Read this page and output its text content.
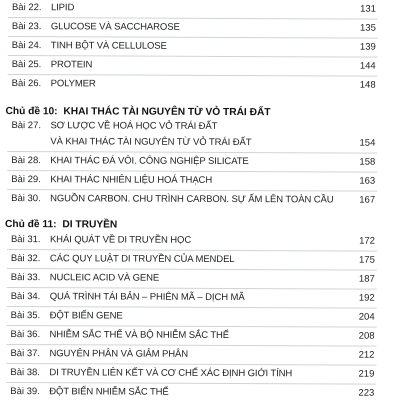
Bài 22. LIPID	131
Bài 23. GLUCOSE VÀ SACCHAROSE	135
Bài 24. TINH BỘT VÀ CELLULOSE	139
Bài 25. PROTEIN	144
Bài 26. POLYMER	148
Chủ đề 10: KHAI THÁC TÀI NGUYÊN TỪ VỎ TRÁI ĐẤT
Bài 27. SƠ LƯỢC VỀ HOÁ HỌC VỎ TRÁI ĐẤT
VÀ KHAI THÁC TÀI NGUYÊN TỪ VỎ TRÁI ĐẤT	154
Bài 28. KHAI THÁC ĐÁ VÔI. CÔNG NGHIỆP SILICATE	158
Bài 29. KHAI THÁC NHIÊN LIỆU HOÁ THẠCH	163
Bài 30. NGUỒN CARBON. CHU TRÌNH CARBON. SỰ ẤM LÊN TOÀN CẦU	167
Chủ đề 11: DI TRUYỀN
Bài 31. KHÁI QUÁT VỀ DI TRUYỀN HỌC	172
Bài 32. CÁC QUY LUẬT DI TRUYỀN CỦA MENDEL	175
Bài 33. NUCLEIC ACID VÀ GENE	187
Bài 34. QUÁ TRÌNH TÁI BẢN – PHIÊN MÃ – DỊCH MÃ	192
Bài 35. ĐỘT BIẾN GENE	204
Bài 36. NHIỄM SẮC THỂ VÀ BỘ NHIỄM SẮC THỂ	208
Bài 37. NGUYÊN PHÂN VÀ GIẢM PHÂN	212
Bài 38. DI TRUYỀN LIÊN KẾT VÀ CƠ CHẾ XÁC ĐỊNH GIỚI TÍNH	219
Bài 39. ĐỘT BIẾN NHIỄM SẮC THỂ	223
